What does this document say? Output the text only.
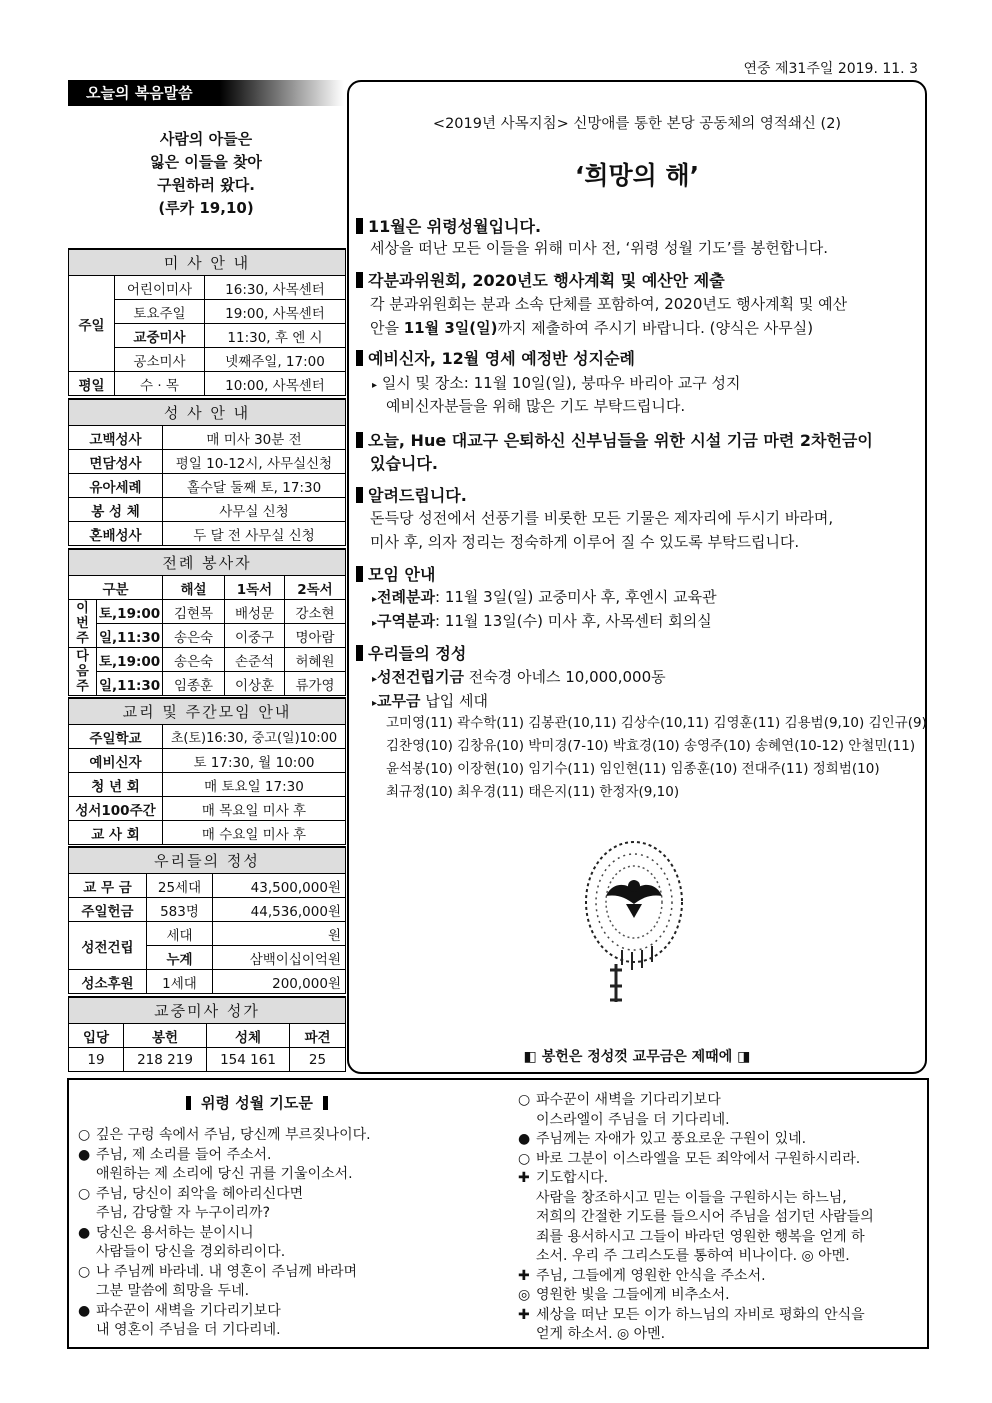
연중 제31주일 2019. 11. 3
오늘의 복음말씀
사람의 아들은
잃은 이들을 찾아
구원하러 왔다.
(루카 19,10)
미 사 안 내		
주일	어린이미사	16:30, 사목센터
	토요주일	19:00, 사목센터
	교중미사	11:30, 후 엔 시
	공소미사	넷째주일, 17:00
평일	수 · 목	10:00, 사목센터
성 사 안 내	
고백성사	매 미사 30분 전
면담성사	평일 10-12시, 사무실신청
유아세례	홀수달 둘째 토, 17:30
봉 성 체	사무실 신청
혼배성사	두 달 전 사무실 신청
전례 봉사자				
구분		해설	1독서	2독서
이번주	토,19:00	김현목	배성문	강소현
	일,11:30	송은숙	이중구	명아람
다음주	토,19:00	송은숙	손준석	허혜원
	일,11:30	임종훈	이상훈	류가영
교리 및 주간모임 안내	
주일학교	초(토)16:30, 중고(일)10:00
예비신자	토 17:30, 월 10:00
청 년 회	매 토요일 17:30
성서100주간	매 목요일 미사 후
교 사 회	매 수요일 미사 후
우리들의 정성		
교 무 금	25세대	43,500,000원
주일헌금	583명	44,536,000원
성전건립	세대	원
	누계	삼백이십이억원
성소후원	1세대	200,000원
교중미사 성가			
입당	봉헌	성체	파견
19	218 219	154 161	25
<2019년 사목지침> 신망애를 통한 본당 공동체의 영적쇄신 (2)
‘희망의 해’
11월은 위령성월입니다.
세상을 떠난 모든 이들을 위해 미사 전, ‘위령 성월 기도’를 봉헌합니다.
각분과위원회, 2020년도 행사계획 및 예산안 제출
각 분과위원회는 분과 소속 단체를 포함하여, 2020년도 행사계획 및 예산
안을 11월 3일(일)까지 제출하여 주시기 바랍니다. (양식은 사무실)
예비신자, 12월 영세 예정반 성지순례
▸ 일시 및 장소: 11월 10일(일), 붕따우 바리아 교구 성지
예비신자분들을 위해 많은 기도 부탁드립니다.
오늘, Hue 대교구 은퇴하신 신부님들을 위한 시설 기금 마련 2차헌금이
있습니다.
알려드립니다.
돈득당 성전에서 선풍기를 비롯한 모든 기물은 제자리에 두시기 바라며,
미사 후, 의자 정리는 정숙하게 이루어 질 수 있도록 부탁드립니다.
모임 안내
▸전례분과: 11월 3일(일) 교중미사 후, 후엔시 교육관
▸구역분과: 11월 13일(수) 미사 후, 사목센터 회의실
우리들의 정성
▸성전건립기금 전숙경 아네스 10,000,000동
▸교무금 납입 세대
고미영(11) 곽수학(11) 김봉관(10,11) 김상수(10,11) 김영훈(11) 김용범(9,10) 김인규(9)
김찬영(10) 김창유(10) 박미경(7-10) 박효경(10) 송영주(10) 송혜연(10-12) 안철민(11)
윤석봉(10) 이장현(10) 임기수(11) 임인현(11) 임종훈(10) 전대주(11) 정희범(10)
최규정(10) 최우경(11) 태은지(11) 한정자(9,10)
◧ 봉헌은 정성껏 교무금은 제때에 ◨
위령 성월 기도문
○ 깊은 구렁 속에서 주님, 당신께 부르짖나이다.
● 주님, 제 소리를 들어 주소서.
애원하는 제 소리에 당신 귀를 기울이소서.
○ 주님, 당신이 죄악을 헤아리신다면
주님, 감당할 자 누구이리까?
● 당신은 용서하는 분이시니
사람들이 당신을 경외하리이다.
○ 나 주님께 바라네. 내 영혼이 주님께 바라며
그분 말씀에 희망을 두네.
● 파수꾼이 새벽을 기다리기보다
내 영혼이 주님을 더 기다리네.
○ 파수꾼이 새벽을 기다리기보다
이스라엘이 주님을 더 기다리네.
● 주님께는 자애가 있고 풍요로운 구원이 있네.
○ 바로 그분이 이스라엘을 모든 죄악에서 구원하시리라.
✚ 기도합시다.
사람을 창조하시고 믿는 이들을 구원하시는 하느님,
저희의 간절한 기도를 들으시어 주님을 섬기던 사람들의
죄를 용서하시고 그들이 바라던 영원한 행복을 얻게 하
소서. 우리 주 그리스도를 통하여 비나이다. ◎ 아멘.
✚ 주님, 그들에게 영원한 안식을 주소서.
◎ 영원한 빛을 그들에게 비추소서.
✚ 세상을 떠난 모든 이가 하느님의 자비로 평화의 안식을
얻게 하소서. ◎ 아멘.
